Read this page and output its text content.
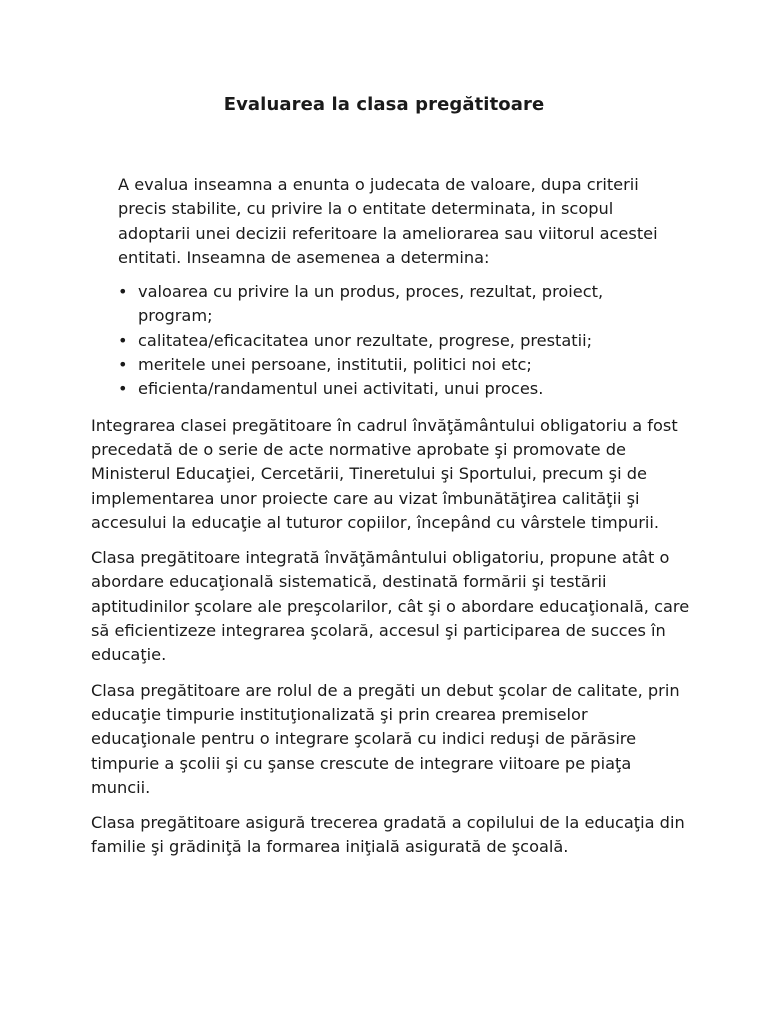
Evaluarea la clasa pregătitoare

A evalua inseamna a enunta o judecata de valoare, dupa criterii precis stabilite, cu privire la o entitate determinata, in scopul adoptarii unei decizii referitoare la ameliorarea sau viitorul acestei entitati. Inseamna de asemenea a determina:

• valoarea cu privire la un produs, proces, rezultat, proiect, program;
• calitatea/eficacitatea unor rezultate, progrese, prestatii;
• meritele unei persoane, institutii, politici noi etc;
• eficienta/randamentul unei activitati, unui proces.

Integrarea clasei pregătitoare în cadrul învăţământului obligatoriu a fost precedată de o serie de acte normative aprobate şi promovate de Ministerul Educaţiei, Cercetării, Tineretului şi Sportului, precum şi de implementarea unor proiecte care au vizat îmbunătăţirea calităţii şi accesului la educaţie al tuturor copiilor, începând cu vârstele timpurii.

Clasa pregătitoare integrată învăţământului obligatoriu, propune atât o abordare educaţională sistematică, destinată formării şi testării aptitudinilor şcolare ale preşcolarilor, cât şi o abordare educaţională, care să eficientizeze integrarea şcolară, accesul şi participarea de succes în educaţie.

Clasa pregătitoare are rolul de a pregăti un debut şcolar de calitate, prin educaţie timpurie instituţionalizată şi prin crearea premiselor educaţionale pentru o integrare şcolară cu indici reduşi de părăsire timpurie a şcolii şi cu şanse crescute de integrare viitoare pe piaţa muncii.

Clasa pregătitoare asigură trecerea gradată a copilului de la educaţia din familie şi grădiniţă la formarea iniţială asigurată de şcoală.
